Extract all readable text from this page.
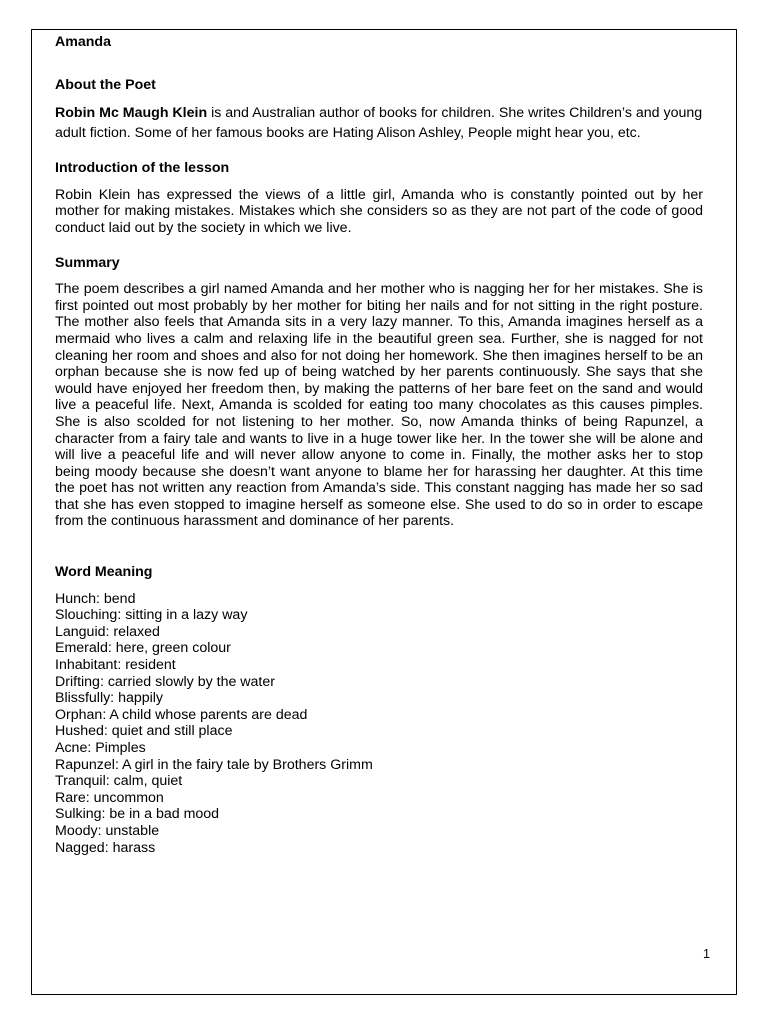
Amanda

About the Poet

Robin Mc Maugh Klein is and Australian author of books for children. She writes Children’s and young adult fiction. Some of her famous books are Hating Alison Ashley, People might hear you, etc.

Introduction of the lesson

Robin Klein has expressed the views of a little girl, Amanda who is constantly pointed out by her mother for making mistakes. Mistakes which she considers so as they are not part of the code of good conduct laid out by the society in which we live.

Summary

The poem describes a girl named Amanda and her mother who is nagging her for her mistakes. She is first pointed out most probably by her mother for biting her nails and for not sitting in the right posture. The mother also feels that Amanda sits in a very lazy manner. To this, Amanda imagines herself as a mermaid who lives a calm and relaxing life in the beautiful green sea. Further, she is nagged for not cleaning her room and shoes and also for not doing her homework. She then imagines herself to be an orphan because she is now fed up of being watched by her parents continuously. She says that she would have enjoyed her freedom then, by making the patterns of her bare feet on the sand and would live a peaceful life. Next, Amanda is scolded for eating too many chocolates as this causes pimples. She is also scolded for not listening to her mother. So, now Amanda thinks of being Rapunzel, a character from a fairy tale and wants to live in a huge tower like her. In the tower she will be alone and will live a peaceful life and will never allow anyone to come in. Finally, the mother asks her to stop being moody because she doesn’t want anyone to blame her for harassing her daughter. At this time the poet has not written any reaction from Amanda’s side. This constant nagging has made her so sad that she has even stopped to imagine herself as someone else. She used to do so in order to escape from the continuous harassment and dominance of her parents.

Word Meaning

Hunch: bend
Slouching: sitting in a lazy way
Languid: relaxed
Emerald: here, green colour
Inhabitant: resident
Drifting: carried slowly by the water
Blissfully: happily
Orphan: A child whose parents are dead
Hushed: quiet and still place
Acne: Pimples
Rapunzel: A girl in the fairy tale by Brothers Grimm
Tranquil: calm, quiet
Rare: uncommon
Sulking: be in a bad mood
Moody: unstable
Nagged: harass
1
